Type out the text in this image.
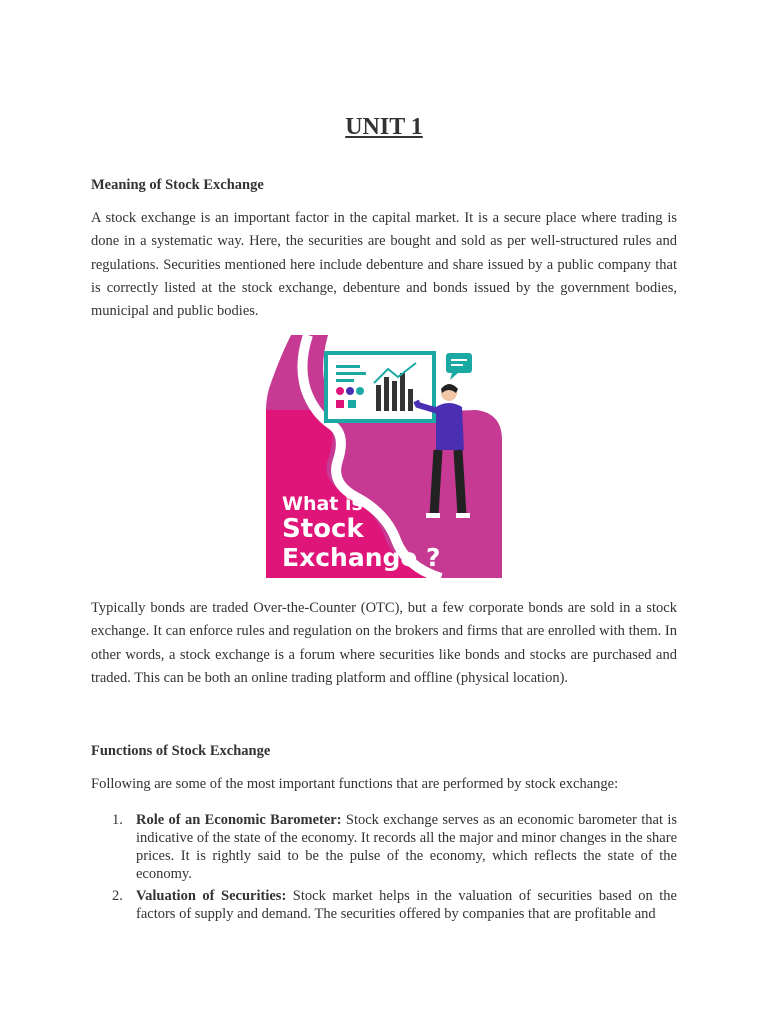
UNIT 1
Meaning of Stock Exchange

A stock exchange is an important factor in the capital market. It is a secure place where trading is done in a systematic way. Here, the securities are bought and sold as per well-structured rules and regulations. Securities mentioned here include debenture and share issued by a public company that is correctly listed at the stock exchange, debenture and bonds issued by the government bodies, municipal and public bodies.

What is
Stock
Exchange ?

Typically bonds are traded Over-the-Counter (OTC), but a few corporate bonds are sold in a stock exchange. It can enforce rules and regulation on the brokers and firms that are enrolled with them. In other words, a stock exchange is a forum where securities like bonds and stocks are purchased and traded. This can be both an online trading platform and offline (physical location).

Functions of Stock Exchange

Following are some of the most important functions that are performed by stock exchange:

1. Role of an Economic Barometer: Stock exchange serves as an economic barometer that is indicative of the state of the economy. It records all the major and minor changes in the share prices. It is rightly said to be the pulse of the economy, which reflects the state of the economy.
2. Valuation of Securities: Stock market helps in the valuation of securities based on the factors of supply and demand. The securities offered by companies that are profitable and
